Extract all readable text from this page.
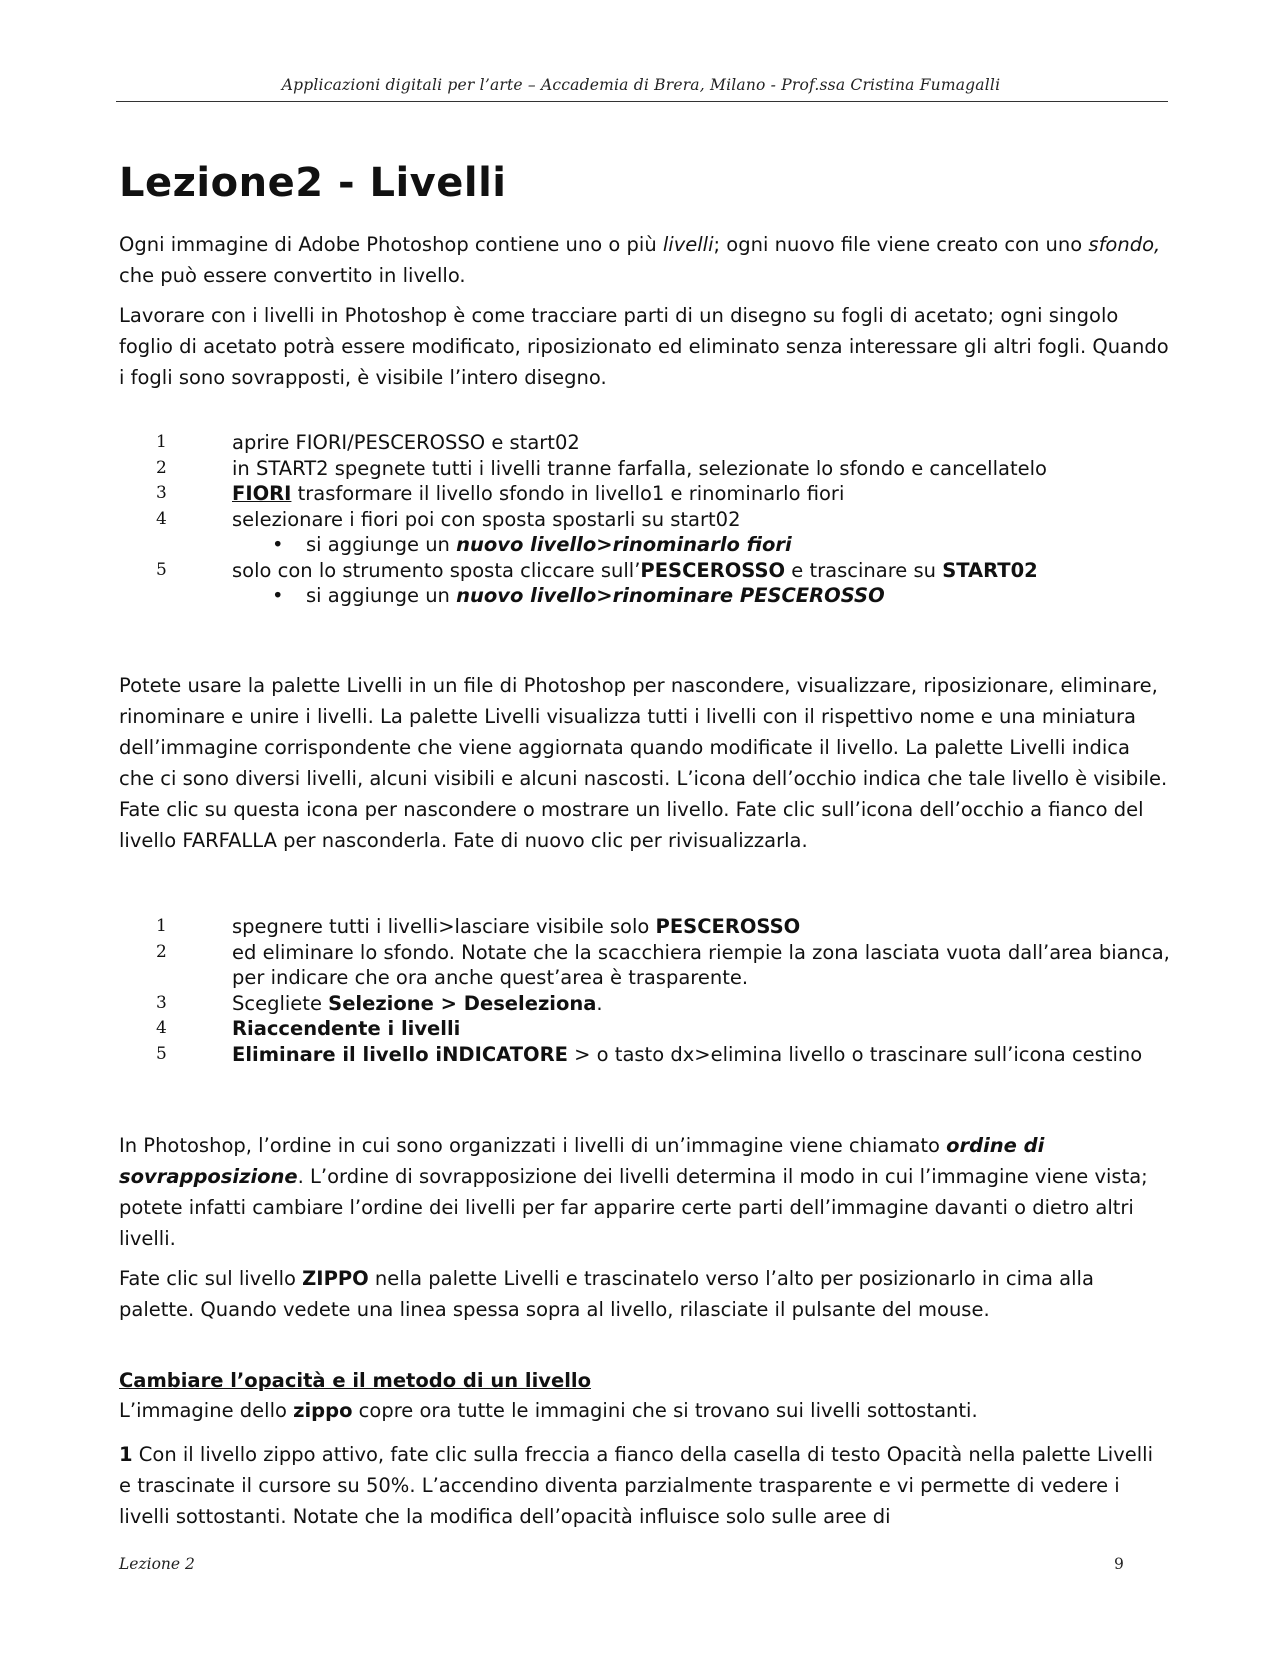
Applicazioni digitali per l’arte – Accademia di Brera, Milano - Prof.ssa Cristina Fumagalli
Lezione2 - Livelli

Ogni immagine di Adobe Photoshop contiene uno o più livelli; ogni nuovo file viene creato con uno sfondo, che può essere convertito in livello.

Lavorare con i livelli in Photoshop è come tracciare parti di un disegno su fogli di acetato; ogni singolo foglio di acetato potrà essere modificato, riposizionato ed eliminato senza interessare gli altri fogli. Quando i fogli sono sovrapposti, è visibile l’intero disegno.

1	aprire FIORI/PESCEROSSO e start02
2	in START2 spegnete tutti i livelli tranne farfalla, selezionate lo sfondo e cancellatelo
3	FIORI trasformare il livello sfondo in livello1 e rinominarlo fiori
4	selezionare i fiori poi con sposta spostarli su start02
• si aggiunge un nuovo livello>rinominarlo fiori
5	solo con lo strumento sposta cliccare sull’PESCEROSSO e trascinare su START02
• si aggiunge un nuovo livello>rinominare PESCEROSSO

Potete usare la palette Livelli in un file di Photoshop per nascondere, visualizzare, riposizionare, eliminare, rinominare e unire i livelli. La palette Livelli visualizza tutti i livelli con il rispettivo nome e una miniatura dell’immagine corrispondente che viene aggiornata quando modificate il livello. La palette Livelli indica che ci sono diversi livelli, alcuni visibili e alcuni nascosti. L’icona dell’occhio indica che tale livello è visibile. Fate clic su questa icona per nascondere o mostrare un livello. Fate clic sull’icona dell’occhio a fianco del livello FARFALLA per nasconderla. Fate di nuovo clic per rivisualizzarla.

1	spegnere tutti i livelli>lasciare visibile solo PESCEROSSO
2	ed eliminare lo sfondo. Notate che la scacchiera riempie la zona lasciata vuota dall’area bianca, per indicare che ora anche quest’area è trasparente.
3	Scegliete Selezione > Deseleziona.
4	Riaccendente i livelli
5	Eliminare il livello iNDICATORE > o tasto dx>elimina livello o trascinare sull’icona cestino

In Photoshop, l’ordine in cui sono organizzati i livelli di un’immagine viene chiamato ordine di sovrapposizione. L’ordine di sovrapposizione dei livelli determina il modo in cui l’immagine viene vista; potete infatti cambiare l’ordine dei livelli per far apparire certe parti dell’immagine davanti o dietro altri livelli.

Fate clic sul livello ZIPPO nella palette Livelli e trascinatelo verso l’alto per posizionarlo in cima alla palette. Quando vedete una linea spessa sopra al livello, rilasciate il pulsante del mouse.

Cambiare l’opacità e il metodo di un livello

L’immagine dello zippo copre ora tutte le immagini che si trovano sui livelli sottostanti.

1 Con il livello zippo attivo, fate clic sulla freccia a fianco della casella di testo Opacità nella palette Livelli e trascinate il cursore su 50%. L’accendino diventa parzialmente trasparente e vi permette di vedere i livelli sottostanti. Notate che la modifica dell’opacità influisce solo sulle aree di

Lezione 2	9
